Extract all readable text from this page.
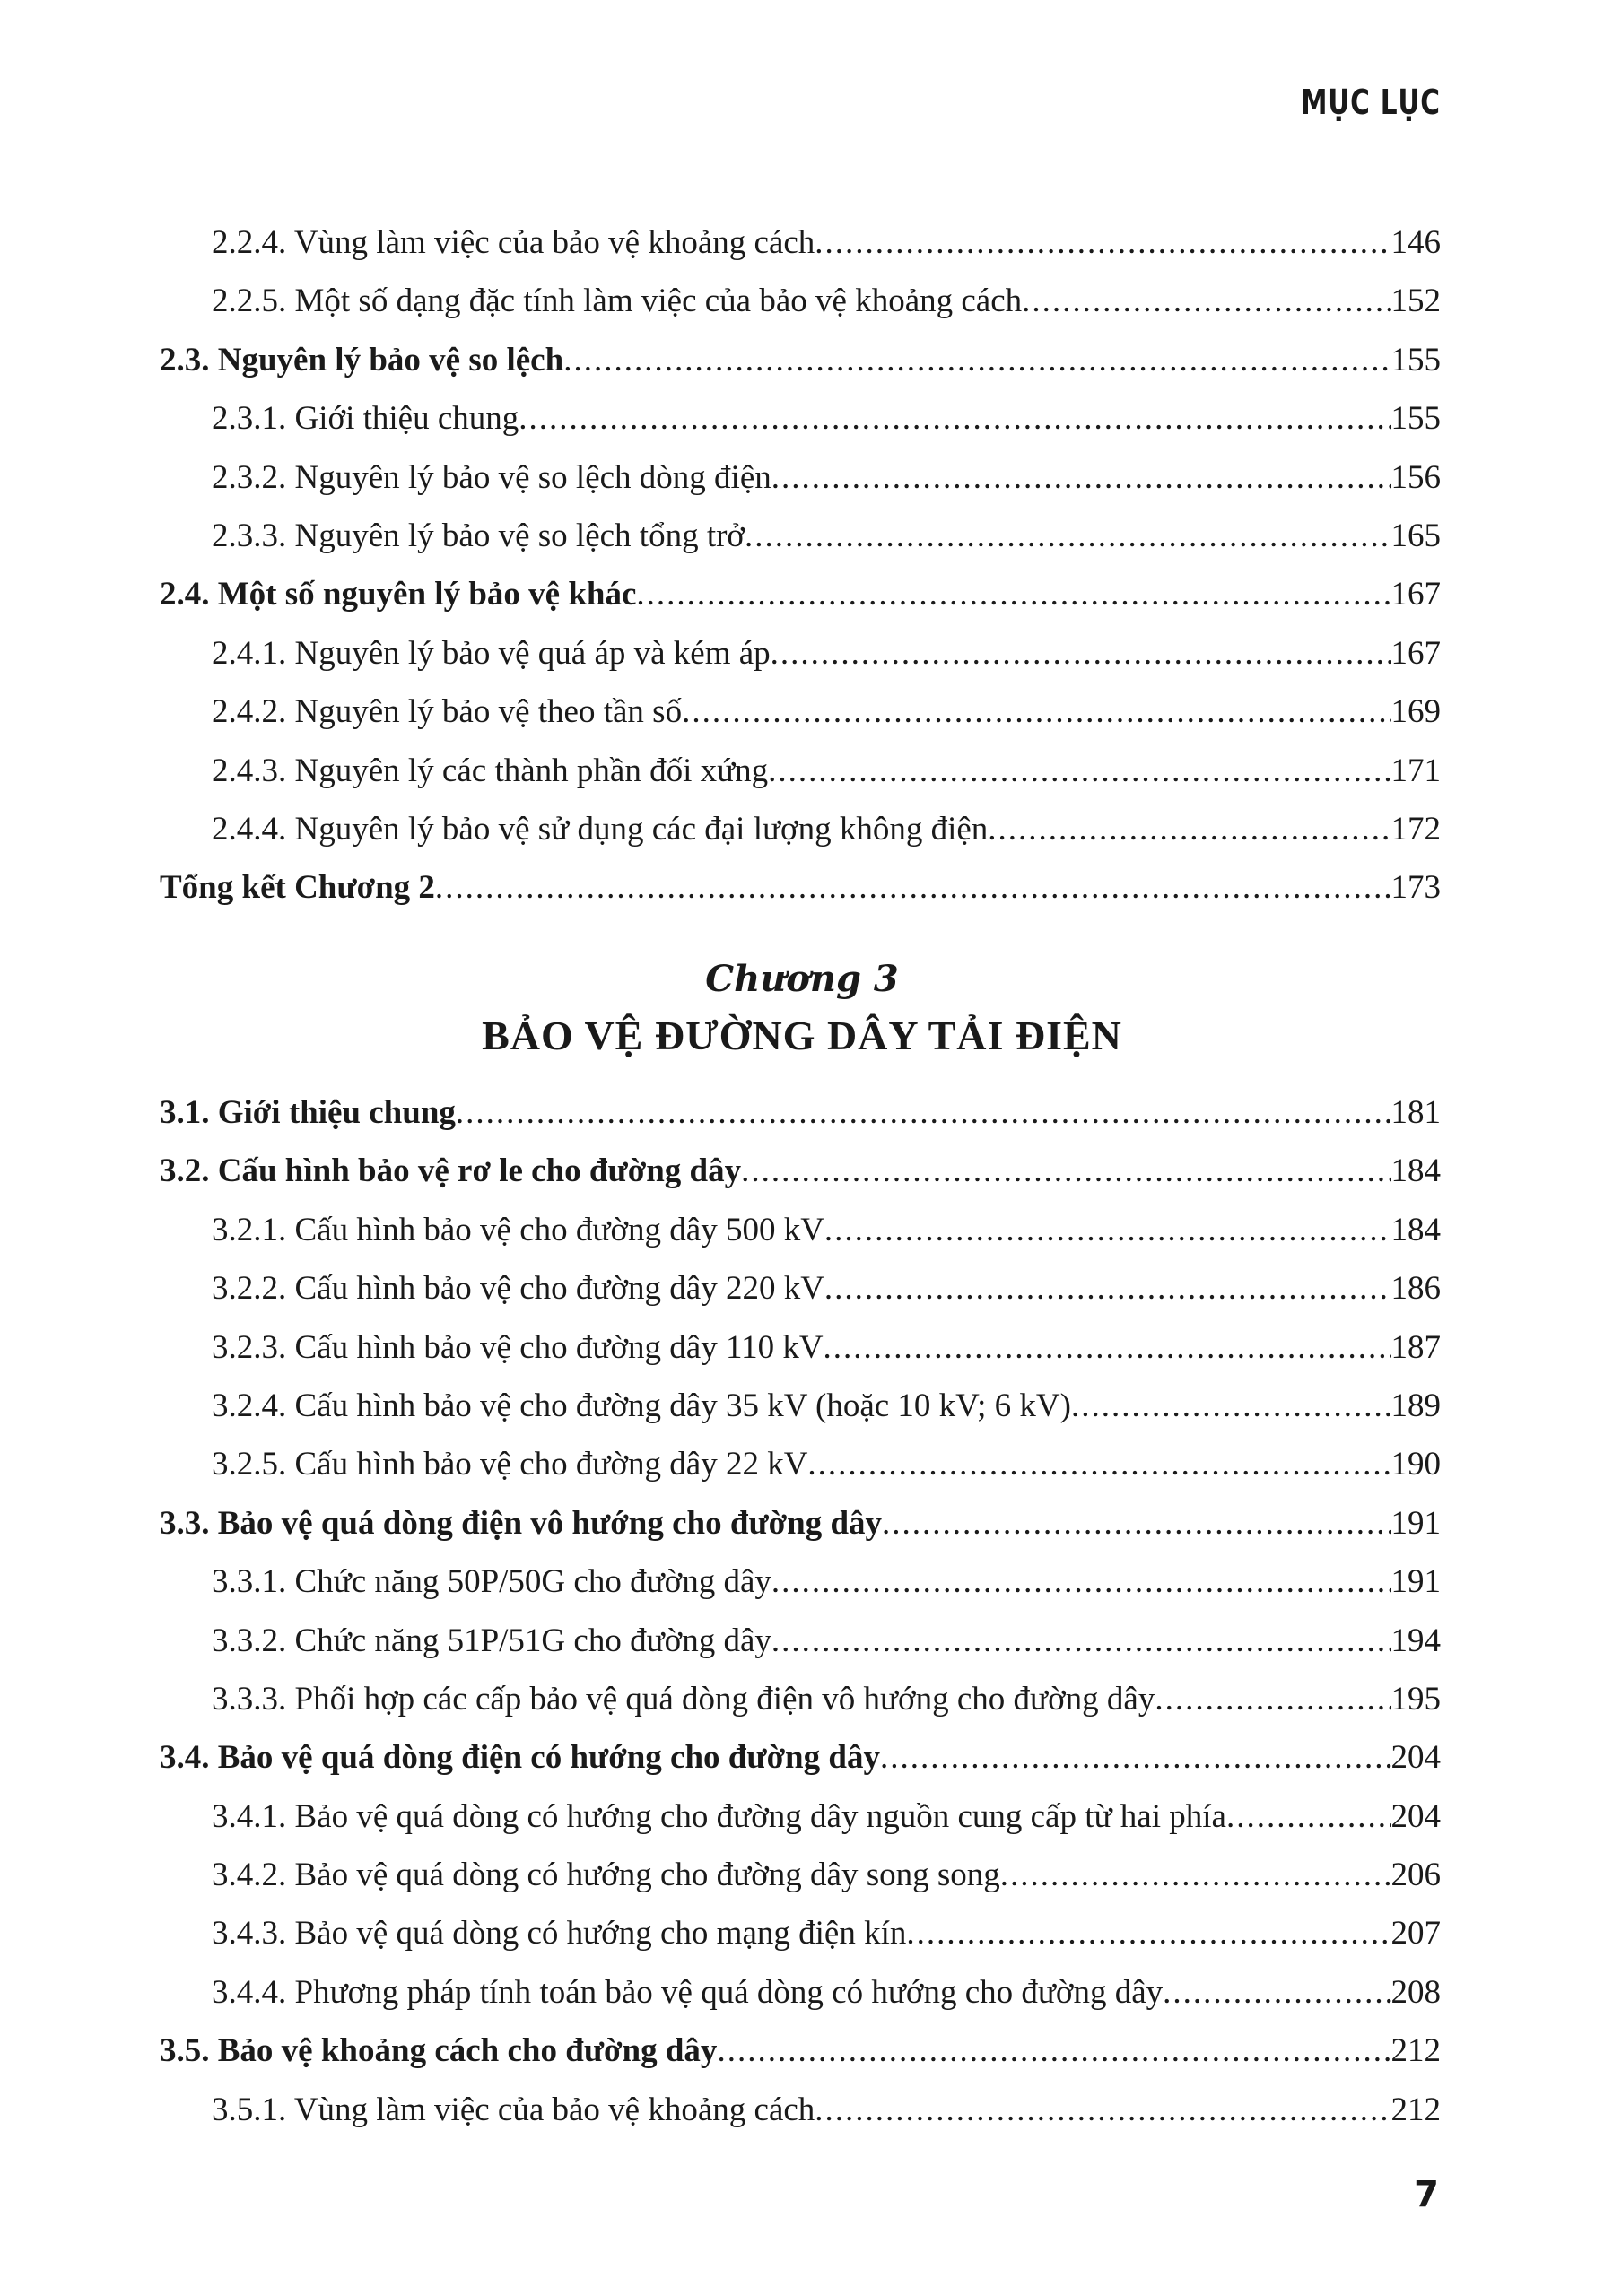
MỤC LỤC
2.2.4. Vùng làm việc của bảo vệ khoảng cách .....	146
2.2.5. Một số dạng đặc tính làm việc của bảo vệ khoảng cách .....	152
2.3. Nguyên lý bảo vệ so lệch .....	155
2.3.1. Giới thiệu chung .....	155
2.3.2. Nguyên lý bảo vệ so lệch dòng điện .....	156
2.3.3. Nguyên lý bảo vệ so lệch tổng trở .....	165
2.4. Một số nguyên lý bảo vệ khác .....	167
2.4.1. Nguyên lý bảo vệ quá áp và kém áp .....	167
2.4.2. Nguyên lý bảo vệ theo tần số .....	169
2.4.3. Nguyên lý các thành phần đối xứng .....	171
2.4.4. Nguyên lý bảo vệ sử dụng các đại lượng không điện .....	172
Tổng kết Chương 2 .....	173
Chương 3
BẢO VỆ ĐƯỜNG DÂY TẢI ĐIỆN
3.1. Giới thiệu chung .....	181
3.2. Cấu hình bảo vệ rơ le cho đường dây .....	184
3.2.1. Cấu hình bảo vệ cho đường dây 500 kV .....	184
3.2.2. Cấu hình bảo vệ cho đường dây 220 kV .....	186
3.2.3. Cấu hình bảo vệ cho đường dây 110 kV .....	187
3.2.4. Cấu hình bảo vệ cho đường dây 35 kV (hoặc 10 kV; 6 kV) .....	189
3.2.5. Cấu hình bảo vệ cho đường dây 22 kV .....	190
3.3. Bảo vệ quá dòng điện vô hướng cho đường dây .....	191
3.3.1. Chức năng 50P/50G cho đường dây .....	191
3.3.2. Chức năng 51P/51G cho đường dây .....	194
3.3.3. Phối hợp các cấp bảo vệ quá dòng điện vô hướng cho đường dây .....	195
3.4. Bảo vệ quá dòng điện có hướng cho đường dây .....	204
3.4.1. Bảo vệ quá dòng có hướng cho đường dây nguồn cung cấp từ hai phía .....	204
3.4.2. Bảo vệ quá dòng có hướng cho đường dây song song .....	206
3.4.3. Bảo vệ quá dòng có hướng cho mạng điện kín .....	207
3.4.4. Phương pháp tính toán bảo vệ quá dòng có hướng cho đường dây .....	208
3.5. Bảo vệ khoảng cách cho đường dây .....	212
3.5.1. Vùng làm việc của bảo vệ khoảng cách .....	212
7
